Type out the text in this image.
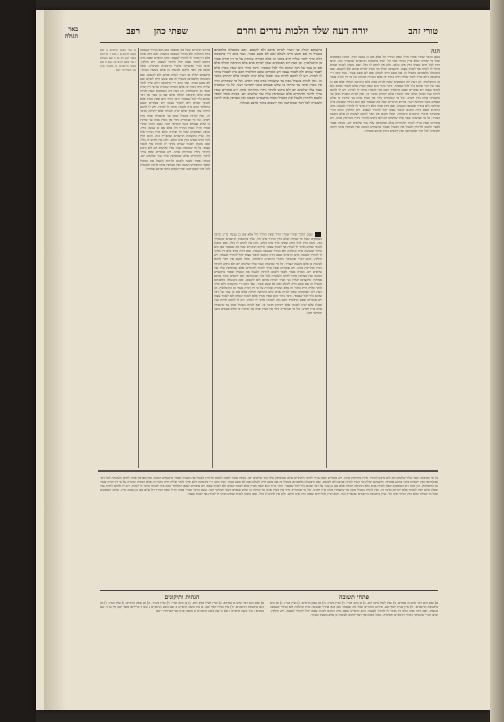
טורי זהב
יורה דעה שלד הלכות נדרים וחרם
שפתי כהן
רפב
באר הגולה
הגה
טעם הדבר שהרי אמרו חז״ל שאין הנידוי חל אלא אם כן נעשה כדין. וכתבו הפוסקים שכל מי שנידה שלא כדין הנידוי אינו חל. ועיין בתשובת הרשב״א שהאריך בזה. והוא הדין לכל חרם שאינו כדין אינו כלום. ולכן אין לחוש לו כלל. ואם נתכוון לכבוד שמים מותר לו לנדות אף לכבוד עצמו. מיקצתם יכולין בני העיר לנדות אותם ולא לקנסם. ואם נתבטלה מלאכתם בשביל זה אם פשע חייב לשלם ואם לא פשע פטור. ועוד כתב ר״י בתשובה דלא שייך לומר שליח חייב בדבר זה אלא המורה שהורה על פי דין תורה פטור מן התשלומין. וכן דעת רוב הפוסקים שאין לנדות אדם בלא התראה תחלה אלא אם כן עבר על דבר שהוא גלוי לכל שאסור. ודבר ברור הוא שאין מנדין אלא לכבוד שמים ולא לכבוד עצמו ויש אומרים שאם התלמיד חכם נדה לכבודו מותר לו לנדות. ויש לו לחכם להיות עניו וסבלן שלא ינדה לכבודו אלא יתרחק מדבר זה. ואין לנדות בשביל ממון עד שיעמידו אותו בדין ויסרב. וכל מי שנתחייב נידוי אין מנדין אותו עד שיתרו בו שלש פעמים בשני וחמישי ושני. פירוש הדברים שכל מה שנאמר כאן הוא בנידוי שנעשה כדת וכהלכה ולא בנידוי שנעשה בטעות. ואם נידה אותו בלא דין מותר לו להתיר לעצמו. כתב הרא״ש שאם נידה החכם לכבוד עצמו יכול להתיר לעצמו. ויש חולקין. וכתב הב״י שהעיקר כדברי הרמב״ם ודעימיה. ומכל מקום אין ראוי לחכם לעשות כן אלא בשעת הצורך. כל מי שנתנדה ועבר עליו שלשים יום ולא ביקש להתיר נידויו מחרימין אותו. ויש אומרים שאין צריך לחזור ולהחרים אלא שמוסיפין עליו עוד שלשים יום. מנודה אסור לספר ולכבס ולרחוץ ולנעול את הסנדל ואסור בתשמיש המטה ואין מצרפין אותו לזימון ולעשרה לכל דבר שבקדושה ואין יושבים בתוך ארבע אמותיו.
מיקצתם יכולין בני העיר לנדות אותם ולא לקנסם. ואם נתבטלה מלאכתם בשביל זה אם פשע חייב לשלם ואם לא פשע פטור. ועוד כתב ר״י בתשובה דלא שייך לומר שליח חייב בדבר זה אלא המורה שהורה על פי דין תורה פטור מן התשלומין. וכן דעת רוב הפוסקים שאין לנדות אדם בלא התראה תחלה אלא אם כן עבר על דבר שהוא גלוי לכל שאסור. ודבר ברור הוא שאין מנדין אלא לכבוד שמים ולא לכבוד עצמו ויש אומרים שאם התלמיד חכם נדה לכבודו מותר לו לנדות. ויש לו לחכם להיות עניו וסבלן שלא ינדה לכבודו אלא יתרחק מדבר זה. ואין לנדות בשביל ממון עד שיעמידו אותו בדין ויסרב. וכל מי שנתחייב נידוי אין מנדין אותו עד שיתרו בו שלש פעמים בשני וחמישי ושני. כל מי שנתנדה ועבר עליו שלשים יום ולא ביקש להתיר נידויו מחרימין אותו. ויש אומרים שאין צריך לחזור ולהחרים אלא שמוסיפין עליו עוד שלשים יום. מנודה אסור לספר ולכבס ולרחוץ ולנעול את הסנדל ואסור בתשמיש המטה ואין מצרפין אותו לזימון ולעשרה לכל דבר שבקדושה ואין יושבים בתוך ארבע אמותיו.
טעם הדבר שהרי אמרו חז״ל שאין הנידוי חל אלא אם כן נעשה כדין. וכתבו הפוסקים שכל מי שנידה שלא כדין הנידוי אינו חל. ועיין בתשובת הרשב״א שהאריך בזה. והוא הדין לכל חרם שאינו כדין אינו כלום. ולכן אין לחוש לו כלל. ואם נתכוון לכבוד שמים מותר לו לנדות אף לכבוד עצמו. פירוש הדברים שכל מה שנאמר כאן הוא בנידוי שנעשה כדת וכהלכה ולא בנידוי שנעשה בטעות. ואם נידה אותו בלא דין מותר לו להתיר לעצמו. כתב הרא״ש שאם נידה החכם לכבוד עצמו יכול להתיר לעצמו. ויש חולקין. וכתב הב״י שהעיקר כדברי הרמב״ם ודעימיה. ומכל מקום אין ראוי לחכם לעשות כן אלא בשעת הצורך. כל מי שנתנדה ועבר עליו שלשים יום ולא ביקש להתיר נידויו מחרימין אותו. ויש אומרים שאין צריך לחזור ולהחרים אלא שמוסיפין עליו עוד שלשים יום. מנודה אסור לספר ולכבס ולרחוץ ולנעול את הסנדל ואסור בתשמיש המטה ואין מצרפין אותו לזימון ולעשרה לכל דבר שבקדושה ואין יושבים בתוך ארבע אמותיו. מיקצתם יכולין בני העיר לנדות אותם ולא לקנסם. ואם נתבטלה מלאכתם בשביל זה אם פשע חייב לשלם ואם לא פשע פטור. ועוד כתב ר״י בתשובה דלא שייך לומר שליח חייב בדבר זה אלא המורה שהורה על פי דין תורה פטור מן התשלומין. וכן דעת רוב הפוסקים שאין לנדות אדם בלא התראה תחלה אלא אם כן עבר על דבר שהוא גלוי לכל שאסור. ודבר ברור הוא שאין מנדין אלא לכבוד שמים ולא לכבוד עצמו ויש אומרים שאם התלמיד חכם נדה לכבודו מותר לו לנדות. ויש לו לחכם להיות עניו וסבלן שלא ינדה לכבודו אלא יתרחק מדבר זה. ואין לנדות בשביל ממון עד שיעמידו אותו בדין ויסרב. וכל מי שנתחייב נידוי אין מנדין אותו עד שיתרו בו שלש פעמים בשני וחמישי ושני.
פירוש הדברים שכל מה שנאמר כאן הוא בנידוי שנעשה כדת וכהלכה ולא בנידוי שנעשה בטעות. ואם נידה אותו בלא דין מותר לו להתיר לעצמו. כתב הרא״ש שאם נידה החכם לכבוד עצמו יכול להתיר לעצמו. ויש חולקין. וכתב הב״י שהעיקר כדברי הרמב״ם ודעימיה. ומכל מקום אין ראוי לחכם לעשות כן אלא בשעת הצורך. מיקצתם יכולין בני העיר לנדות אותם ולא לקנסם. ואם נתבטלה מלאכתם בשביל זה אם פשע חייב לשלם ואם לא פשע פטור. ועוד כתב ר״י בתשובה דלא שייך לומר שליח חייב בדבר זה אלא המורה שהורה על פי דין תורה פטור מן התשלומין. וכן דעת רוב הפוסקים שאין לנדות אדם בלא התראה תחלה אלא אם כן עבר על דבר שהוא גלוי לכל שאסור. ודבר ברור הוא שאין מנדין אלא לכבוד שמים ולא לכבוד עצמו ויש אומרים שאם התלמיד חכם נדה לכבודו מותר לו לנדות. ויש לו לחכם להיות עניו וסבלן שלא ינדה לכבודו אלא יתרחק מדבר זה. ואין לנדות בשביל ממון עד שיעמידו אותו בדין ויסרב. וכל מי שנתחייב נידוי אין מנדין אותו עד שיתרו בו שלש פעמים בשני וחמישי ושני. טעם הדבר שהרי אמרו חז״ל שאין הנידוי חל אלא אם כן נעשה כדין. וכתבו הפוסקים שכל מי שנידה שלא כדין הנידוי אינו חל. ועיין בתשובת הרשב״א שהאריך בזה. והוא הדין לכל חרם שאינו כדין אינו כלום. ולכן אין לחוש לו כלל. ואם נתכוון לכבוד שמים מותר לו לנדות אף לכבוד עצמו. כל מי שנתנדה ועבר עליו שלשים יום ולא ביקש להתיר נידויו מחרימין אותו. ויש אומרים שאין צריך לחזור ולהחרים אלא שמוסיפין עליו עוד שלשים יום. מנודה אסור לספר ולכבס ולרחוץ ולנעול את הסנדל ואסור בתשמיש המטה ואין מצרפין אותו לזימון ולעשרה לכל דבר שבקדושה ואין יושבים בתוך ארבע אמותיו.
א טור בשם הרא״ש ב שם בשם הרמב״ם ג שם ד ברייתא מועד קטן דף טז ה שם בגמרא ו טור בשם הרא״ש ז שם ח שם בשם הרמב״ם ט משנה פרק שני דעדויות י שם
כל מי שנתנדה ועבר עליו שלשים יום ולא ביקש להתיר נידויו מחרימין אותו. ויש אומרים שאין צריך לחזור ולהחרים אלא שמוסיפין עליו עוד שלשים יום. מנודה אסור לספר ולכבס ולרחוץ ולנעול את הסנדל ואסור בתשמיש המטה ואין מצרפין אותו לזימון ולעשרה לכל דבר שבקדושה ואין יושבים בתוך ארבע אמותיו. מיקצתם יכולין בני העיר לנדות אותם ולא לקנסם. ואם נתבטלה מלאכתם בשביל זה אם פשע חייב לשלם ואם לא פשע פטור. ועוד כתב ר״י בתשובה דלא שייך לומר שליח חייב בדבר זה אלא המורה שהורה על פי דין תורה פטור מן התשלומין. וכן דעת רוב הפוסקים שאין לנדות אדם בלא התראה תחלה אלא אם כן עבר על דבר שהוא גלוי לכל שאסור. ודבר ברור הוא שאין מנדין אלא לכבוד שמים ולא לכבוד עצמו ויש אומרים שאם התלמיד חכם נדה לכבודו מותר לו לנדות. ויש לו לחכם להיות עניו וסבלן שלא ינדה לכבודו אלא יתרחק מדבר זה. ואין לנדות בשביל ממון עד שיעמידו אותו בדין ויסרב. וכל מי שנתחייב נידוי אין מנדין אותו עד שיתרו בו שלש פעמים בשני וחמישי ושני. טעם הדבר שהרי אמרו חז״ל שאין הנידוי חל אלא אם כן נעשה כדין. וכתבו הפוסקים שכל מי שנידה שלא כדין הנידוי אינו חל. ועיין בתשובת הרשב״א שהאריך בזה. והוא הדין לכל חרם שאינו כדין אינו כלום. ולכן אין לחוש לו כלל. ואם נתכוון לכבוד שמים מותר לו לנדות אף לכבוד עצמו.
פתחי תשובה
א) ואם הוא דבר שיש בו פסידא. ב) ועיין לעיל סימן רמג. ג) כן כתב הב״י. ד) ועיין בש״ך. ה) וכן פסק הרמ״א. ו) ועיין בט״ז. ז) וכן הוא בתשובת הרשב״א. ח) עיין בבית יוסף שם. פירוש הדברים שכל מה שנאמר כאן הוא בנידוי שנעשה כדת וכהלכה ולא בנידוי שנעשה בטעות. ואם נידה אותו בלא דין מותר לו להתיר לעצמו. כתב הרא״ש שאם נידה החכם לכבוד עצמו יכול להתיר לעצמו. ויש חולקין. וכתב הב״י שהעיקר כדברי הרמב״ם ודעימיה. ומכל מקום אין ראוי לחכם לעשות כן אלא בשעת הצורך.
הגהות ותיקונים
א) ואם הוא דבר שיש בו פסידא. ב) ועיין לעיל סימן רמג. ג) כן כתב הב״י. ד) ועיין בש״ך. ה) וכן פסק הרמ״א. ו) ועיין בט״ז. ז) וכן הוא בתשובת הרשב״א. ח) עיין בבית יוסף שם. א טור בשם הרא״ש ב שם בשם הרמב״ם ג שם ד ברייתא מועד קטן דף טז ה שם בגמרא ו טור בשם הרא״ש ז שם ח שם בשם הרמב״ם ט משנה פרק שני דעדויות י שם
